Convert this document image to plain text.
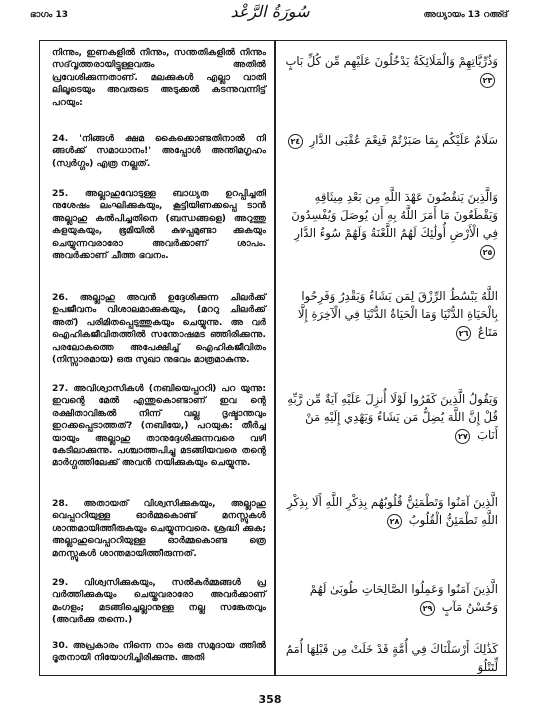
ഭാഗം 13	سُورَةُ الرَّعْد	അധ്യായം 13 റഅ്ദ്
നിന്നും, ഇണകളിൽ നിന്നും, സന്തതികളിൽ നിന്നും സദ്‌വൃത്തരായിട്ടുള്ളവരും അതിൽ പ്രവേശിക്കുന്നതാണ്. മലക്കുകൾ എല്ലാ വാതി ലിലൂടെയും അവരുടെ അടുക്കൽ കടന്നുവന്നിട്ട് പറയും:
24. 'നിങ്ങൾ ക്ഷമ കൈക്കൊണ്ടതിനാൽ നി ങ്ങൾക്ക് സമാധാനം!' അപ്പോൾ അന്തിമഗൃഹം (സ്വർഗ്ഗം) എത്ര നല്ലത്.
25. അല്ലാഹുവോടുള്ള ബാധ്യത ഉറപ്പിച്ചതി നുശേഷം ലംഘിക്കുകയും, കൂട്ടിയിണക്കപ്പെ ടാൻ അല്ലാഹു കൽപിച്ചതിനെ (ബന്ധങ്ങളെ) അറുത്തു കളയുകയും, ഭൂമിയിൽ കുഴപ്പമുണ്ടാ ക്കുകയും ചെയ്യുന്നവരാരോ അവർക്കാണ് ശാപം. അവർക്കാണ് ചീത്ത ഭവനം.
26. അല്ലാഹു അവൻ ഉദ്ദേശിക്കുന്ന ചിലർക്ക് ഉപജീവനം വിശാലമാക്കുകയും, (മററു ചിലർക്ക് അത്) പരിമിതപ്പെടുത്തുകയും ചെയ്യുന്നു. അ വർ ഐഹികജീവിതത്തിൽ സന്തോഷമട ഞ്ഞിരിക്കുന്നു. പരലോകത്തെ അപേക്ഷിച്ച് ഐഹികജീവിതം (നിസ്സാരമായ) ഒരു സുഖാ നുഭവം മാത്രമാകുന്നു.
27. അവിശ്വാസികൾ (നബിയെപ്പററി) പറ യുന്നു: ഇവന്റെ മേൽ എന്തുകൊണ്ടാണ് ഇവ ന്റെ രക്ഷിതാവിങ്കൽ നിന്ന് വല്ല ദൃഷ്ടാന്തവും ഇറക്കപ്പെടാത്തത്? (നബിയേ,) പറയുക: തീർച്ച യായും അല്ലാഹു താനുദ്ദേശിക്കുന്നവരെ വഴി കേടിലാക്കുന്നു. പശ്ചാത്തപിച്ചു മടങ്ങിയവരെ തന്റെ മാർഗ്ഗത്തിലേക്ക് അവൻ നയിക്കുകയും ചെയ്യുന്നു.
28. അതായത് വിശ്വസിക്കുകയും, അല്ലാഹു വെപ്പററിയുള്ള ഓർമ്മകൊണ്ട് മനസ്സുകൾ ശാന്തമായിത്തീരുകയും ചെയ്യുന്നവരെ. ശ്രദ്ധി ക്കുക; അല്ലാഹുവെപ്പററിയുള്ള ഓർമ്മകൊണ്ട ത്രെ മനസ്സുകൾ ശാന്തമായിത്തീരുന്നത്.
29. വിശ്വസിക്കുകയും, സൽകർമ്മങ്ങൾ പ്ര വർത്തിക്കുകയും ചെയ്തവരാരോ അവർക്കാണ് മംഗളം; മടങ്ങിച്ചെല്ലാനുള്ള നല്ല സങ്കേതവും (അവർക്കു തന്നെ.)
30. അപ്രകാരം നിന്നെ നാം ഒരു സമുദായ ത്തിൽ ദൂതനായി നിയോഗിച്ചിരിക്കുന്നു. അതി
وَذُرِّيَّاتِهِمْ وَالْمَلَائِكَةُ يَدْخُلُونَ عَلَيْهِم مِّن كُلِّ بَابٍ ٢٣
سَلَامٌ عَلَيْكُم بِمَا صَبَرْتُمْ فَنِعْمَ عُقْبَى الدَّارِ ٢٤
وَالَّذِينَ يَنقُضُونَ عَهْدَ اللَّهِ مِن بَعْدِ مِيثَاقِهِ وَيَقْطَعُونَ مَا أَمَرَ اللَّهُ بِهِ أَن يُوصَلَ وَيُفْسِدُونَ فِي الْأَرْضِ أُولَٰئِكَ لَهُمُ اللَّعْنَةُ وَلَهُمْ سُوءُ الدَّارِ ٢٥
اللَّهُ يَبْسُطُ الرِّزْقَ لِمَن يَشَاءُ وَيَقْدِرُ وَفَرِحُوا بِالْحَيَاةِ الدُّنْيَا وَمَا الْحَيَاةُ الدُّنْيَا فِي الْآخِرَةِ إِلَّا مَتَاعٌ ٢٦
وَيَقُولُ الَّذِينَ كَفَرُوا لَوْلَا أُنزِلَ عَلَيْهِ آيَةٌ مِّن رَّبِّهِ قُلْ إِنَّ اللَّهَ يُضِلُّ مَن يَشَاءُ وَيَهْدِي إِلَيْهِ مَنْ أَنَابَ ٢٧
الَّذِينَ آمَنُوا وَتَطْمَئِنُّ قُلُوبُهُم بِذِكْرِ اللَّهِ أَلَا بِذِكْرِ اللَّهِ تَطْمَئِنُّ الْقُلُوبُ ٢٨
الَّذِينَ آمَنُوا وَعَمِلُوا الصَّالِحَاتِ طُوبَىٰ لَهُمْ وَحُسْنُ مَآبٍ ٢٩
كَذَٰلِكَ أَرْسَلْنَاكَ فِي أُمَّةٍ قَدْ خَلَتْ مِن قَبْلِهَا أُمَمٌ لِّتَتْلُوَ
358
